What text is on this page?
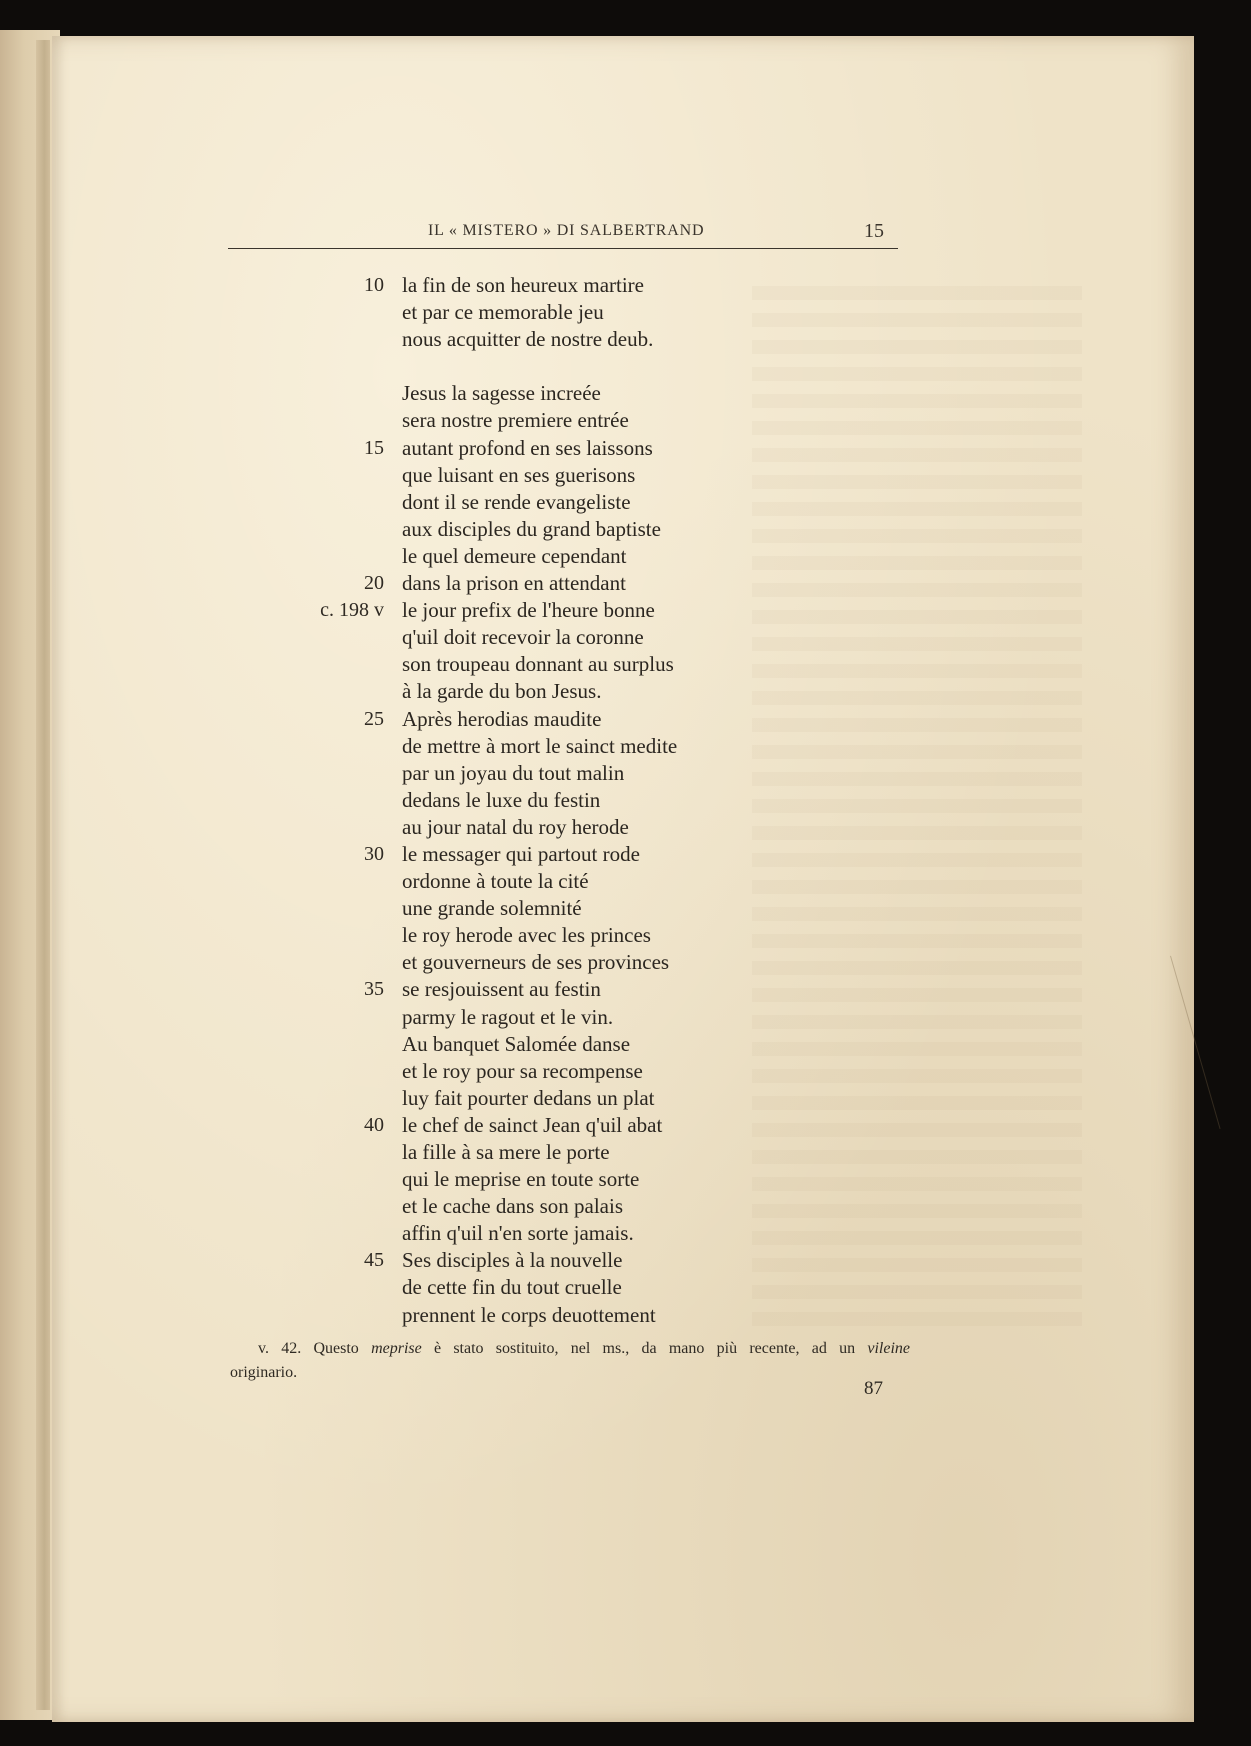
IL « MISTERO » DI SALBERTRAND	15
10 la fin de son heureux martire
et par ce memorable jeu
nous acquitter de nostre deub.
Jesus la sagesse increée
sera nostre premiere entrée
15 autant profond en ses laissons
que luisant en ses guerisons
dont il se rende evangeliste
aux disciples du grand baptiste
le quel demeure cependant
20 dans la prison en attendant
c. 198 v le jour prefix de l'heure bonne
q'uil doit recevoir la coronne
son troupeau donnant au surplus
à la garde du bon Jesus.
25 Après herodias maudite
de mettre à mort le sainct medite
par un joyau du tout malin
dedans le luxe du festin
au jour natal du roy herode
30 le messager qui partout rode
ordonne à toute la cité
une grande solemnité
le roy herode avec les princes
et gouverneurs de ses provinces
35 se resjouissent au festin
parmy le ragout et le vin.
Au banquet Salomée danse
et le roy pour sa recompense
luy fait pourter dedans un plat
40 le chef de sainct Jean q'uil abat
la fille à sa mere le porte
qui le meprise en toute sorte
et le cache dans son palais
affin q'uil n'en sorte jamais.
45 Ses disciples à la nouvelle
de cette fin du tout cruelle
prennent le corps deuottement
v. 42. Questo meprise è stato sostituito, nel ms., da mano più recente, ad un vileine
originario.
87
